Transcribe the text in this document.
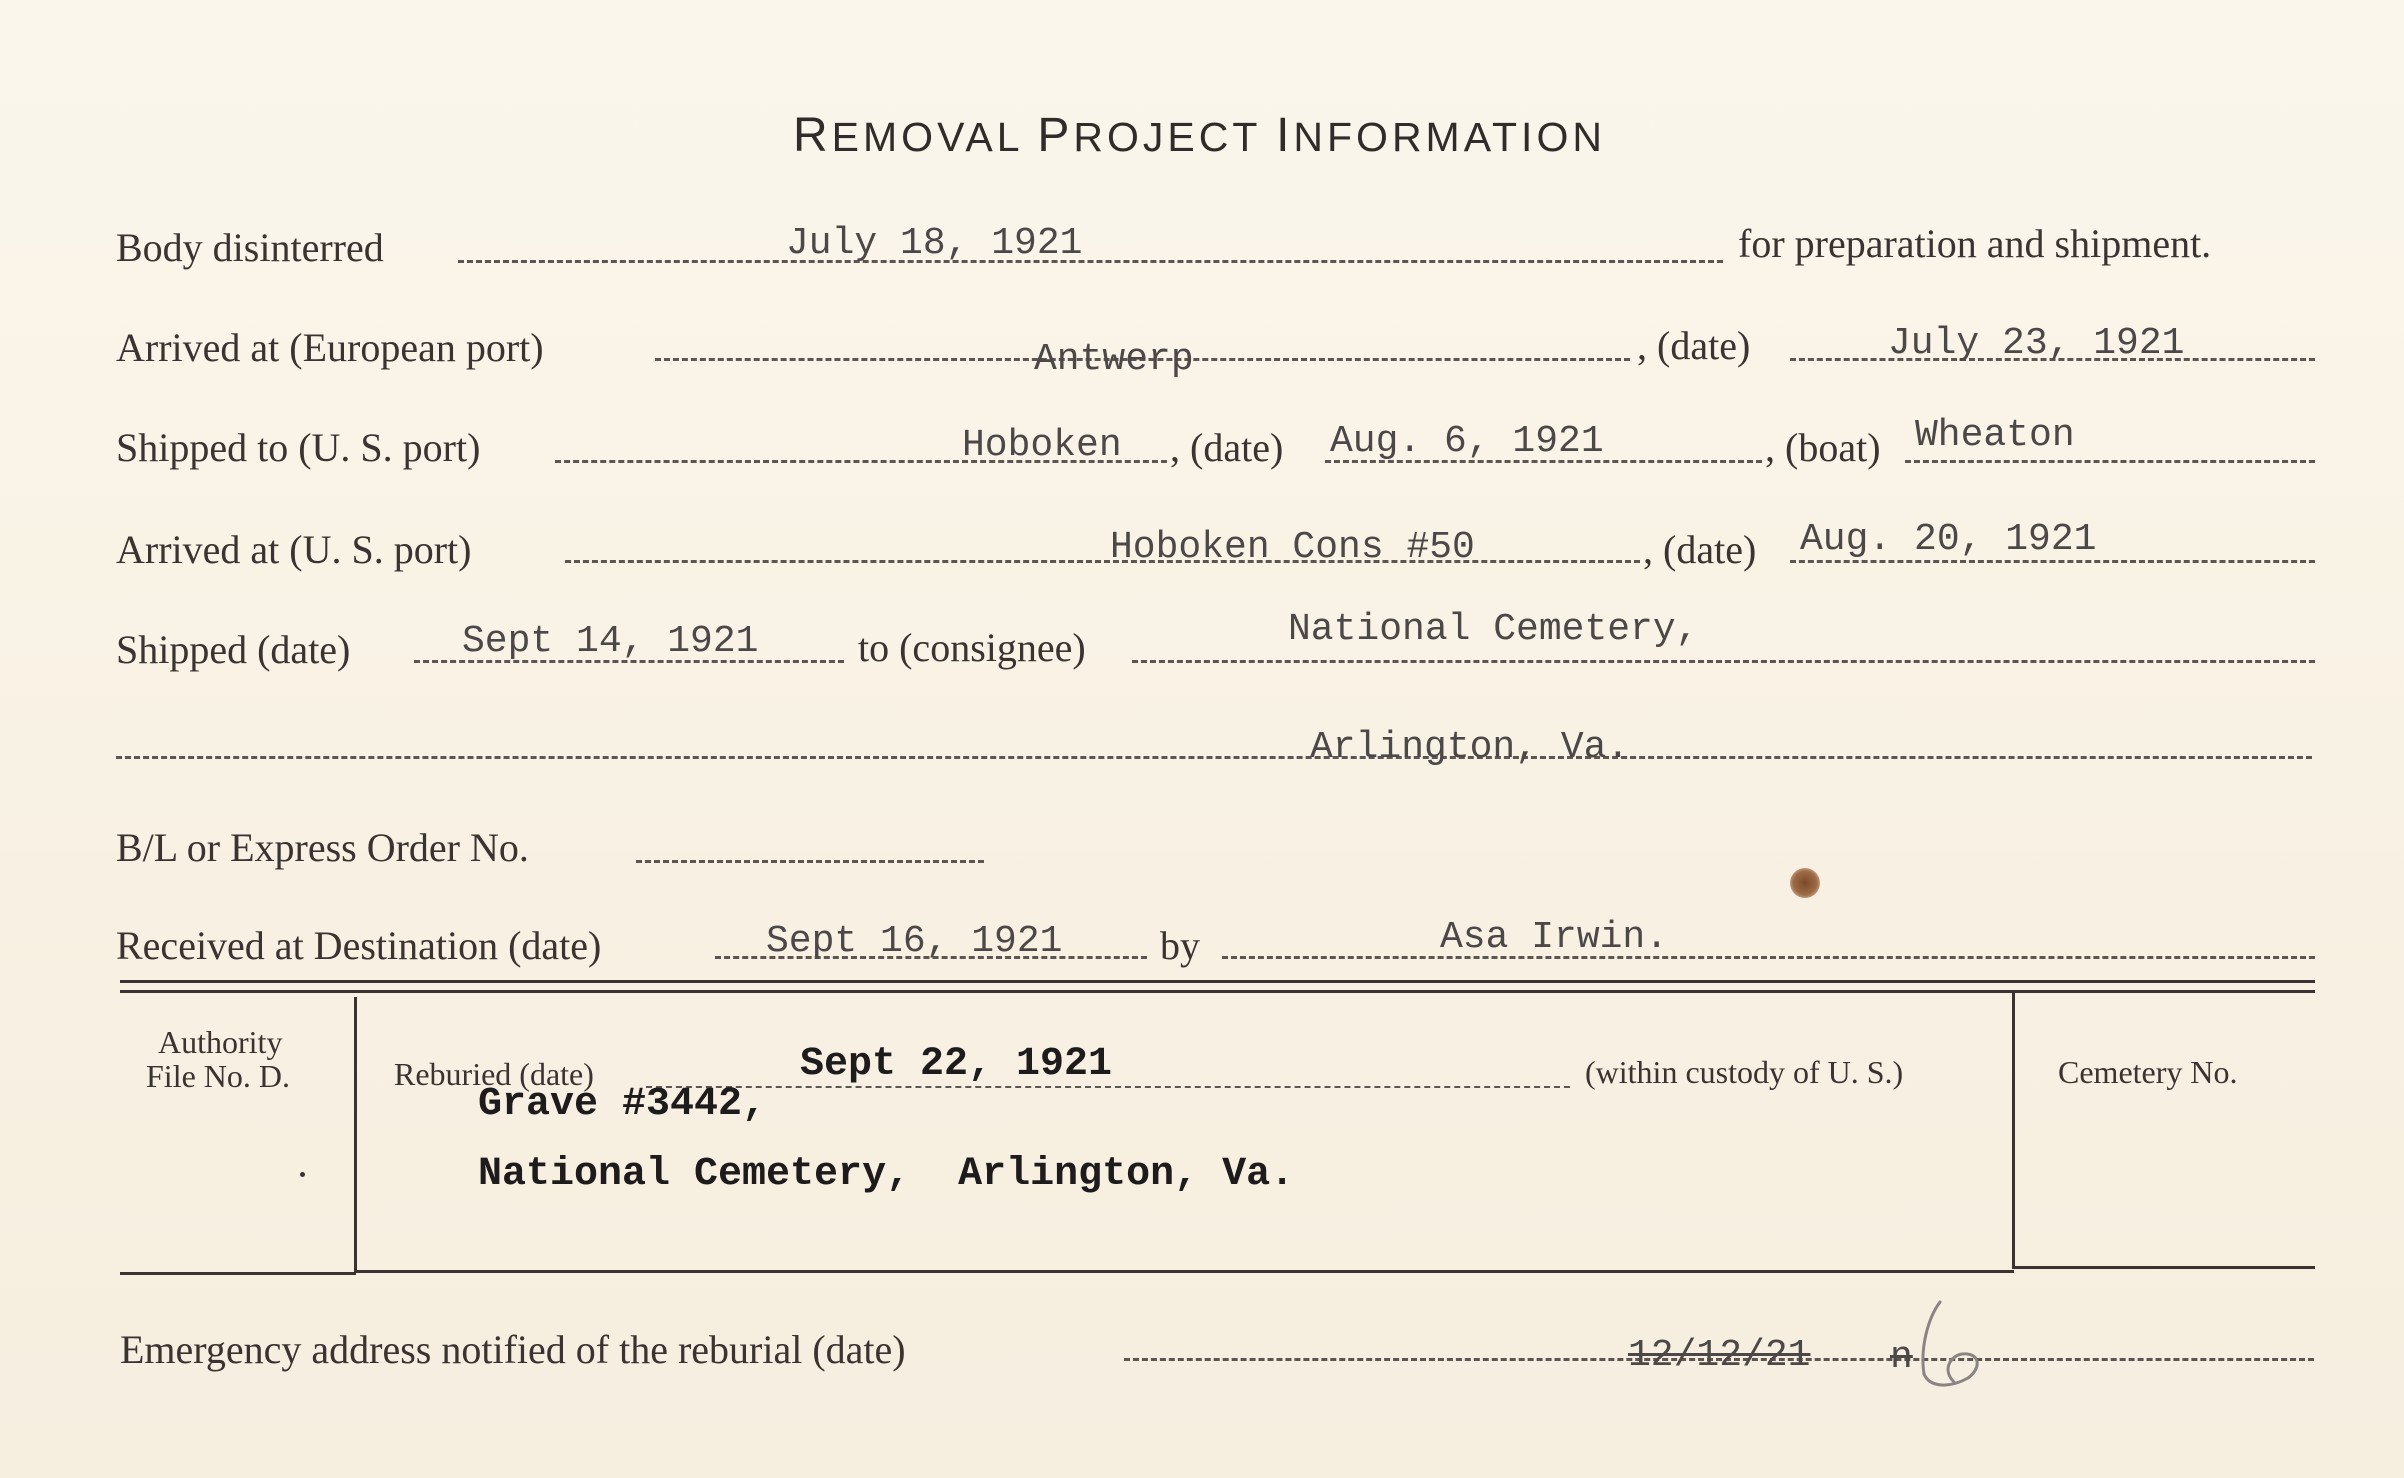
REMOVAL PROJECT INFORMATION
Body disinterred	July 18, 1921	for preparation and shipment.
Arrived at (European port)	Antwerp	, (date)	July 23, 1921
Shipped to (U. S. port)	Hoboken , (date) Aug. 6, 1921	, (boat) Wheaton
Arrived at (U. S. port)	Hoboken Cons #50	, (date) Aug. 20, 1921
Shipped (date)	Sept 14, 1921 to (consignee)	National Cemetery,
Arlington, Va.
B/L or Express Order No.
Received at Destination (date)	Sept 16, 1921 by	Asa Irwin.
Authority
File No. D.	Reburied (date)	Sept 22, 1921	(within custody of U. S.)
Grave #3442,
National Cemetery,  Arlington, Va.
Cemetery No.
Emergency address notified of the reburial (date)	12/12/21 n
